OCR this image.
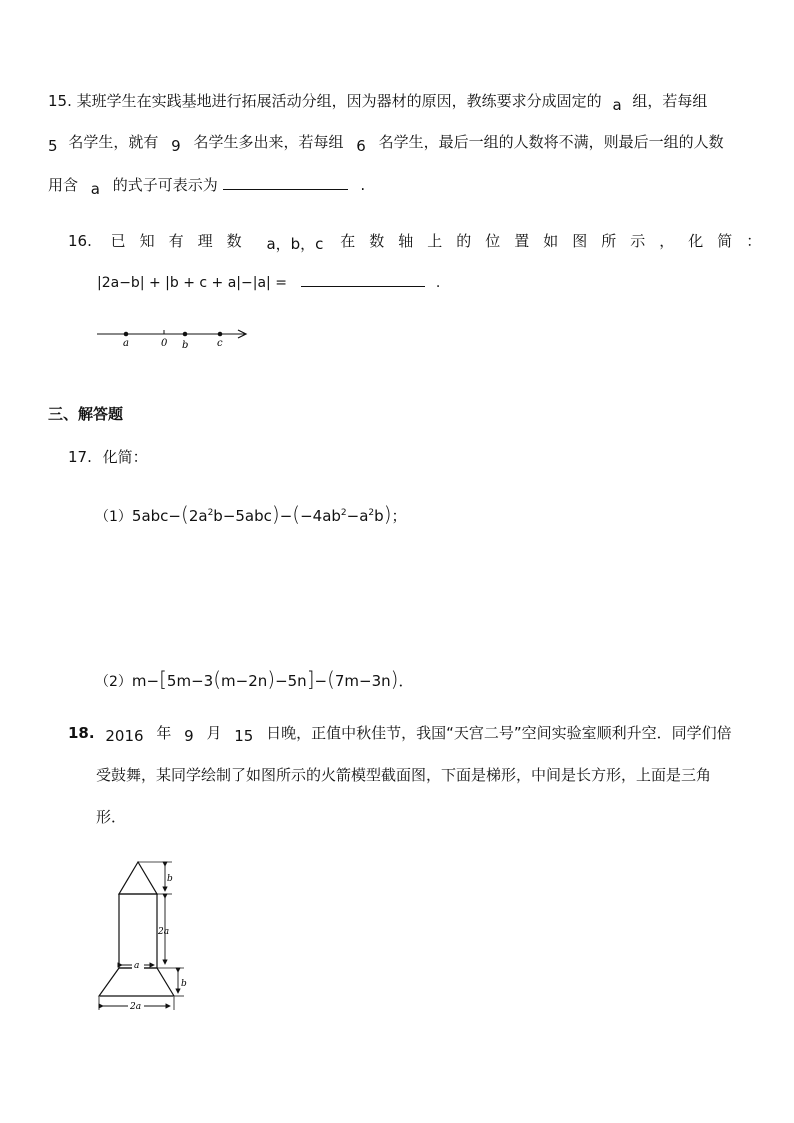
15. 某班学生在实践基地进行拓展活动分组，因为器材的原因，教练要求分成固定的 a 组，若每组
5 名学生，就有 9 名学生多出来，若每组 6 名学生，最后一组的人数将不满，则最后一组的人数
用含 a 的式子可表示为	.
16. 已知有理数 a，b，c 在数轴上的位置如图所示，化简：
|2a−b| + |b + c + a|−|a| =	.
a	0 b	c
三、解答题
17. 化简：
$(1)5abc-(2a^2b-5abc)-(-4ab^2-a^2b)$；
（2）m−[5m−3(m−2n)−5n]−(7m−3n)．
18. 2016 年 9 月 15 日晚，正值中秋佳节，我国“天宫二号”空间实验室顺利升空．同学们倍
受鼓舞，某同学绘制了如图所示的火箭模型截面图，下面是梯形，中间是长方形，上面是三角
形．
b
2a
a
b
2a
